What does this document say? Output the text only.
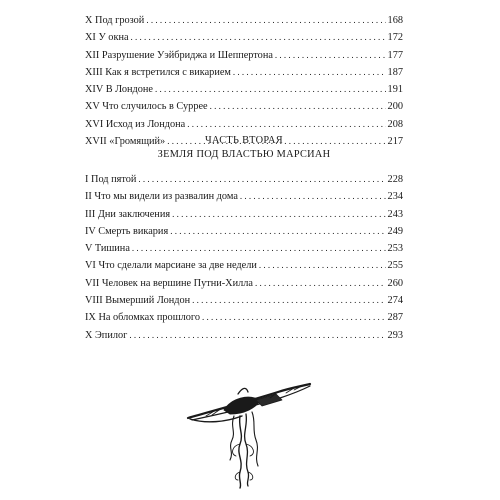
X Под грозой . . .	168
XI У окна . . .	172
XII Разрушение Уэйбриджа и Шеппертона . . .	177
XIII Как я встретился с викарием . . .	187
XIV В Лондоне . . .	191
XV Что случилось в Суррее . . .	200
XVI Исход из Лондона . . .	208
XVII «Громящий» . . .	217
ЧАСТЬ ВТОРАЯ
ЗЕМЛЯ ПОД ВЛАСТЬЮ МАРСИАН
I Под пятой . . .	228
II Что мы видели из развалин дома . . .	234
III Дни заключения . . .	243
IV Смерть викария . . .	249
V Тишина . . .	253
VI Что сделали марсиане за две недели . . .	255
VII Человек на вершине Путни-Хилла . . .	260
VIII Вымерший Лондон . . .	274
IX На обломках прошлого . . .	287
X Эпилог . . .	293
